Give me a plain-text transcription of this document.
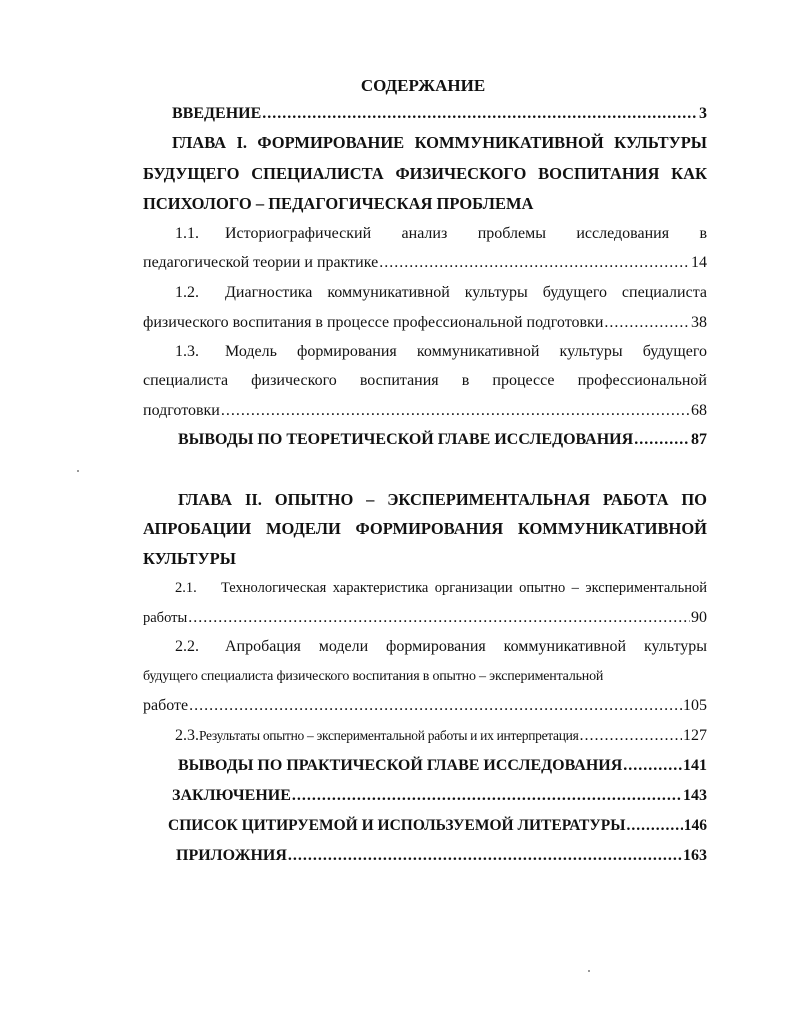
СОДЕРЖАНИЕ
ВВЕДЕНИЕ .....	3
ГЛАВА I. ФОРМИРОВАНИЕ КОММУНИКАТИВНОЙ КУЛЬТУРЫ
БУДУЩЕГО СПЕЦИАЛИСТА ФИЗИЧЕСКОГО ВОСПИТАНИЯ КАК
ПСИХОЛОГО – ПЕДАГОГИЧЕСКАЯ ПРОБЛЕМА
1.1. Историографический анализ проблемы исследования в
педагогической теории и практике .....	14
1.2. Диагностика коммуникативной культуры будущего специалиста
физического воспитания в процессе профессиональной подготовки .....	38
1.3. Модель формирования коммуникативной культуры будущего
специалиста физического воспитания в процессе профессиональной
подготовки .....	68
ВЫВОДЫ ПО ТЕОРЕТИЧЕСКОЙ ГЛАВЕ ИССЛЕДОВАНИЯ .....	87
ГЛАВА II. ОПЫТНО – ЭКСПЕРИМЕНТАЛЬНАЯ РАБОТА ПО
АПРОБАЦИИ МОДЕЛИ ФОРМИРОВАНИЯ КОММУНИКАТИВНОЙ
КУЛЬТУРЫ
2.1. Технологическая характеристика организации опытно – экспериментальной
работы .....	90
2.2. Апробация модели формирования коммуникативной культуры
будущего специалиста физического воспитания в опытно – экспериментальной
работе .....	105
2.3. Результаты опытно – экспериментальной работы и их интерпретация .....	127
ВЫВОДЫ ПО ПРАКТИЧЕСКОЙ ГЛАВЕ ИССЛЕДОВАНИЯ .....	141
ЗАКЛЮЧЕНИЕ .....	143
СПИСОК ЦИТИРУЕМОЙ И ИСПОЛЬЗУЕМОЙ ЛИТЕРАТУРЫ .....	146
ПРИЛОЖНИЯ .....	163
